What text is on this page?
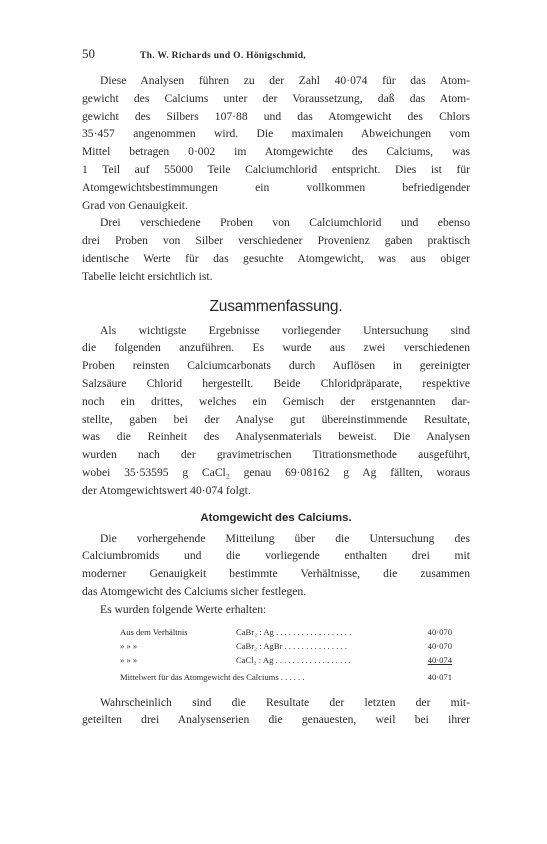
50	Th. W. Richards und O. Hönigschmid,

Diese Analysen führen zu der Zahl 40·074 für das Atom-
gewicht des Calciums unter der Voraussetzung, daß das Atom-
gewicht des Silbers 107·88 und das Atomgewicht des Chlors
35·457 angenommen wird. Die maximalen Abweichungen vom
Mittel betragen 0·002 im Atomgewichte des Calciums, was
1 Teil auf 55000 Teile Calciumchlorid entspricht. Dies ist für
Atomgewichtsbestimmungen ein vollkommen befriedigender
Grad von Genauigkeit.

Drei verschiedene Proben von Calciumchlorid und ebenso
drei Proben von Silber verschiedener Provenienz gaben praktisch
identische Werte für das gesuchte Atomgewicht, was aus obiger
Tabelle leicht ersichtlich ist.

Zusammenfassung.

Als wichtigste Ergebnisse vorliegender Untersuchung sind
die folgenden anzuführen. Es wurde aus zwei verschiedenen
Proben reinsten Calciumcarbonats durch Auflösen in gereinigter
Salzsäure Chlorid hergestellt. Beide Chloridpräparate, respektive
noch ein drittes, welches ein Gemisch der erstgenannten dar-
stellte, gaben bei der Analyse gut übereinstimmende Resultate,
was die Reinheit des Analysenmaterials beweist. Die Analysen
wurden nach der gravimetrischen Titrationsmethode ausgeführt,
wobei 35·53595 g CaCl₂ genau 69·08162 g Ag fällten, woraus
der Atomgewichtswert 40·074 folgt.

Atomgewicht des Calciums.

Die vorhergehende Mitteilung über die Untersuchung des
Calciumbromids und die vorliegende enthalten drei mit
moderner Genauigkeit bestimmte Verhältnisse, die zusammen
das Atomgewicht des Calciums sicher festlegen.

Es wurden folgende Werte erhalten:

Aus dem Verhältnis	CaBr₂ : Ag . . . . . . . . . . . . . . . . . .	40·070
» » »	CaBr₂ : AgBr . . . . . . . . . . . . . . .	40·070
» » »	CaCl₂ : Ag . . . . . . . . . . . . . . . . . .	40·074
Mittelwert für das Atomgewicht des Calciums . . . . . .	40·071

Wahrscheinlich sind die Resultate der letzten der mit-
geteilten drei Analysenserien die genauesten, weil bei ihrer
